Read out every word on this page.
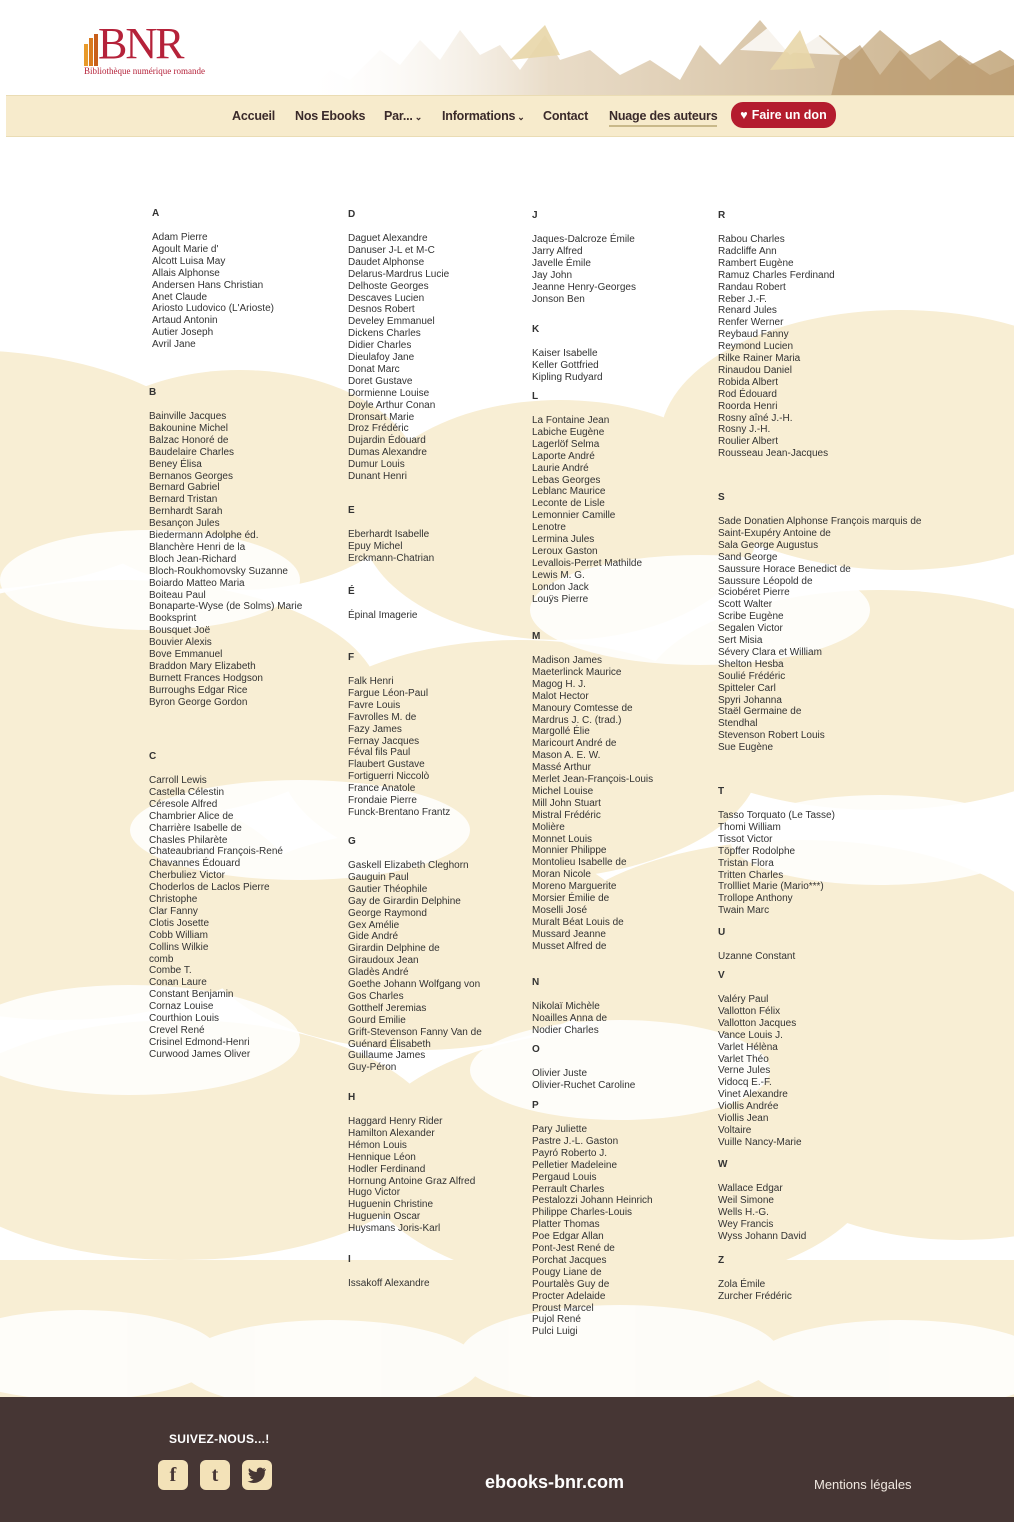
BNR
Bibliothèque numérique romande
Accueil Nos Ebooks Par... ⌄ Informations ⌄ Contact Nuage des auteurs ♥ Faire un don
A
Adam Pierre
Agoult Marie d'
Alcott Luisa May
Allais Alphonse
Andersen Hans Christian
Anet Claude
Ariosto Ludovico (L'Arioste)
Artaud Antonin
Autier Joseph
Avril Jane
B
Bainville Jacques
Bakounine Michel
Balzac Honoré de
Baudelaire Charles
Beney Élisa
Bernanos Georges
Bernard Gabriel
Bernard Tristan
Bernhardt Sarah
Besançon Jules
Biedermann Adolphe éd.
Blanchère Henri de la
Bloch Jean-Richard
Bloch-Roukhomovsky Suzanne
Boiardo Matteo Maria
Boiteau Paul
Bonaparte-Wyse (de Solms) Marie
Booksprint
Bousquet Joë
Bouvier Alexis
Bove Emmanuel
Braddon Mary Elizabeth
Burnett Frances Hodgson
Burroughs Edgar Rice
Byron George Gordon
C
Carroll Lewis
Castella Célestin
Céresole Alfred
Chambrier Alice de
Charrière Isabelle de
Chasles Philarète
Chateaubriand François-René
Chavannes Édouard
Cherbuliez Victor
Choderlos de Laclos Pierre
Christophe
Clar Fanny
Clotis Josette
Cobb William
Collins Wilkie
comb
Combe T.
Conan Laure
Constant Benjamin
Cornaz Louise
Courthion Louis
Crevel René
Crisinel Edmond-Henri
Curwood James Oliver
D
Daguet Alexandre
Danuser J-L et M-C
Daudet Alphonse
Delarus-Mardrus Lucie
Delhoste Georges
Descaves Lucien
Desnos Robert
Develey Emmanuel
Dickens Charles
Didier Charles
Dieulafoy Jane
Donat Marc
Doret Gustave
Dormienne Louise
Doyle Arthur Conan
Dronsart Marie
Droz Frédéric
Dujardin Édouard
Dumas Alexandre
Dumur Louis
Dunant Henri
E
Eberhardt Isabelle
Epuy Michel
Erckmann-Chatrian
É
Épinal Imagerie
F
Falk Henri
Fargue Léon-Paul
Favre Louis
Favrolles M. de
Fazy James
Fernay Jacques
Féval fils Paul
Flaubert Gustave
Fortiguerri Niccolò
France Anatole
Frondaie Pierre
Funck-Brentano Frantz
G
Gaskell Elizabeth Cleghorn
Gauguin Paul
Gautier Théophile
Gay de Girardin Delphine
George Raymond
Gex Amélie
Gide André
Girardin Delphine de
Giraudoux Jean
Gladès André
Goethe Johann Wolfgang von
Gos Charles
Gotthelf Jeremias
Gourd Emilie
Grift-Stevenson Fanny Van de
Guénard Élisabeth
Guillaume James
Guy-Péron
H
Haggard Henry Rider
Hamilton Alexander
Hémon Louis
Hennique Léon
Hodler Ferdinand
Hornung Antoine Graz Alfred
Hugo Victor
Huguenin Christine
Huguenin Oscar
Huysmans Joris-Karl
I
Issakoff Alexandre
J
Jaques-Dalcroze Émile
Jarry Alfred
Javelle Émile
Jay John
Jeanne Henry-Georges
Jonson Ben
K
Kaiser Isabelle
Keller Gottfried
Kipling Rudyard
L
La Fontaine Jean
Labiche Eugène
Lagerlöf Selma
Laporte André
Laurie André
Lebas Georges
Leblanc Maurice
Leconte de Lisle
Lemonnier Camille
Lenotre
Lermina Jules
Leroux Gaston
Levallois-Perret Mathilde
Lewis M. G.
London Jack
Louÿs Pierre
M
Madison James
Maeterlinck Maurice
Magog H. J.
Malot Hector
Manoury Comtesse de
Mardrus J. C. (trad.)
Margollé Élie
Maricourt André de
Mason A. E. W.
Massé Arthur
Merlet Jean-François-Louis
Michel Louise
Mill John Stuart
Mistral Frédéric
Molière
Monnet Louis
Monnier Philippe
Montolieu Isabelle de
Moran Nicole
Moreno Marguerite
Morsier Émilie de
Moselli José
Muralt Béat Louis de
Mussard Jeanne
Musset Alfred de
N
Nikolaï Michèle
Noailles Anna de
Nodier Charles
O
Olivier Juste
Olivier-Ruchet Caroline
P
Pary Juliette
Pastre J.-L. Gaston
Payró Roberto J.
Pelletier Madeleine
Pergaud Louis
Perrault Charles
Pestalozzi Johann Heinrich
Philippe Charles-Louis
Platter Thomas
Poe Edgar Allan
Pont-Jest René de
Porchat Jacques
Pougy Liane de
Pourtalès Guy de
Procter Adelaide
Proust Marcel
Pujol René
Pulci Luigi
R
Rabou Charles
Radcliffe Ann
Rambert Eugène
Ramuz Charles Ferdinand
Randau Robert
Reber J.-F.
Renard Jules
Renfer Werner
Reybaud Fanny
Reymond Lucien
Rilke Rainer Maria
Rinaudou Daniel
Robida Albert
Rod Édouard
Roorda Henri
Rosny aîné J.-H.
Rosny J.-H.
Roulier Albert
Rousseau Jean-Jacques
S
Sade Donatien Alphonse François marquis de
Saint-Exupéry Antoine de
Sala George Augustus
Sand George
Saussure Horace Benedict de
Saussure Léopold de
Sciobéret Pierre
Scott Walter
Scribe Eugène
Segalen Victor
Sert Misia
Sévery Clara et William
Shelton Hesba
Soulié Frédéric
Spitteler Carl
Spyri Johanna
Staël Germaine de
Stendhal
Stevenson Robert Louis
Sue Eugène
T
Tasso Torquato (Le Tasse)
Thomi William
Tissot Victor
Töpffer Rodolphe
Tristan Flora
Tritten Charles
Trollliet Marie (Mario***)
Trollope Anthony
Twain Marc
U
Uzanne Constant
V
Valéry Paul
Vallotton Félix
Vallotton Jacques
Vance Louis J.
Varlet Hélèna
Varlet Théo
Verne Jules
Vidocq E.-F.
Vinet Alexandre
Viollis Andrée
Viollis Jean
Voltaire
Vuille Nancy-Marie
W
Wallace Edgar
Weil Simone
Wells H.-G.
Wey Francis
Wyss Johann David
Z
Zola Émile
Zurcher Frédéric
SUIVEZ-NOUS...!
f	t	ebooks-bnr.com	Mentions légales
